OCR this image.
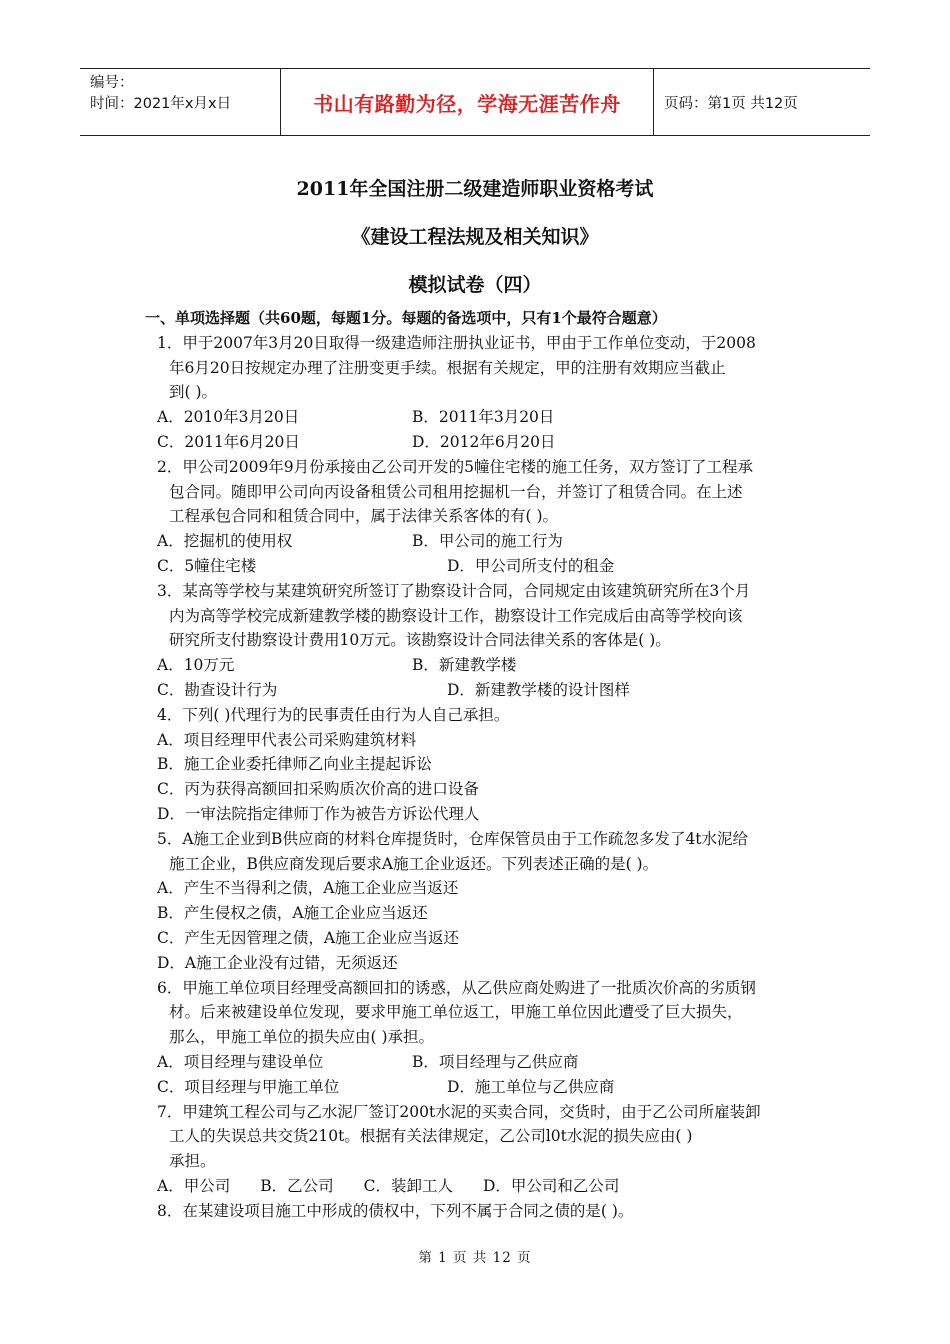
编号：
时间：2021年x月x日	书山有路勤为径，学海无涯苦作舟	页码：第1页 共12页
2011年全国注册二级建造师职业资格考试
《建设工程法规及相关知识》
模拟试卷（四）
一、单项选择题（共60题，每题1分。每题的备选项中，只有1个最符合题意）
1．甲于2007年3月20日取得一级建造师注册执业证书，甲由于工作单位变动，于2008
年6月20日按规定办理了注册变更手续。根据有关规定，甲的注册有效期应当截止
到( )。
A．2010年3月20日	B．2011年3月20日
C．2011年6月20日	D．2012年6月20日
2．甲公司2009年9月份承接由乙公司开发的5幢住宅楼的施工任务，双方签订了工程承
包合同。随即甲公司向丙设备租赁公司租用挖掘机一台，并签订了租赁合同。在上述
工程承包合同和租赁合同中，属于法律关系客体的有( )。
A．挖掘机的使用权	B．甲公司的施工行为
C．5幢住宅楼	D．甲公司所支付的租金
3．某高等学校与某建筑研究所签订了勘察设计合同，合同规定由该建筑研究所在3个月
内为高等学校完成新建教学楼的勘察设计工作，勘察设计工作完成后由高等学校向该
研究所支付勘察设计费用10万元。该勘察设计合同法律关系的客体是( )。
A．10万元	B．新建教学楼
C．勘查设计行为	D．新建教学楼的设计图样
4．下列( )代理行为的民事责任由行为人自己承担。
A．项目经理甲代表公司采购建筑材料
B．施工企业委托律师乙向业主提起诉讼
C．丙为获得高额回扣采购质次价高的进口设备
D．一审法院指定律师丁作为被告方诉讼代理人
5．A施工企业到B供应商的材料仓库提货时，仓库保管员由于工作疏忽多发了4t水泥给
施工企业，B供应商发现后要求A施工企业返还。下列表述正确的是( )。
A．产生不当得利之债，A施工企业应当返还
B．产生侵权之债，A施工企业应当返还
C．产生无因管理之债，A施工企业应当返还
D．A施工企业没有过错，无须返还
6．甲施工单位项目经理受高额回扣的诱惑，从乙供应商处购进了一批质次价高的劣质钢
材。后来被建设单位发现，要求甲施工单位返工，甲施工单位因此遭受了巨大损失，
那么，甲施工单位的损失应由( )承担。
A．项目经理与建设单位	B．项目经理与乙供应商
C．项目经理与甲施工单位	D．施工单位与乙供应商
7．甲建筑工程公司与乙水泥厂签订200t水泥的买卖合同，交货时，由于乙公司所雇装卸
工人的失误总共交货210t。根据有关法律规定，乙公司l0t水泥的损失应由( )
承担。
A．甲公司 B．乙公司 C．装卸工人 D．甲公司和乙公司
8．在某建设项目施工中形成的债权中，下列不属于合同之债的是( )。
第 1 页 共 12 页
